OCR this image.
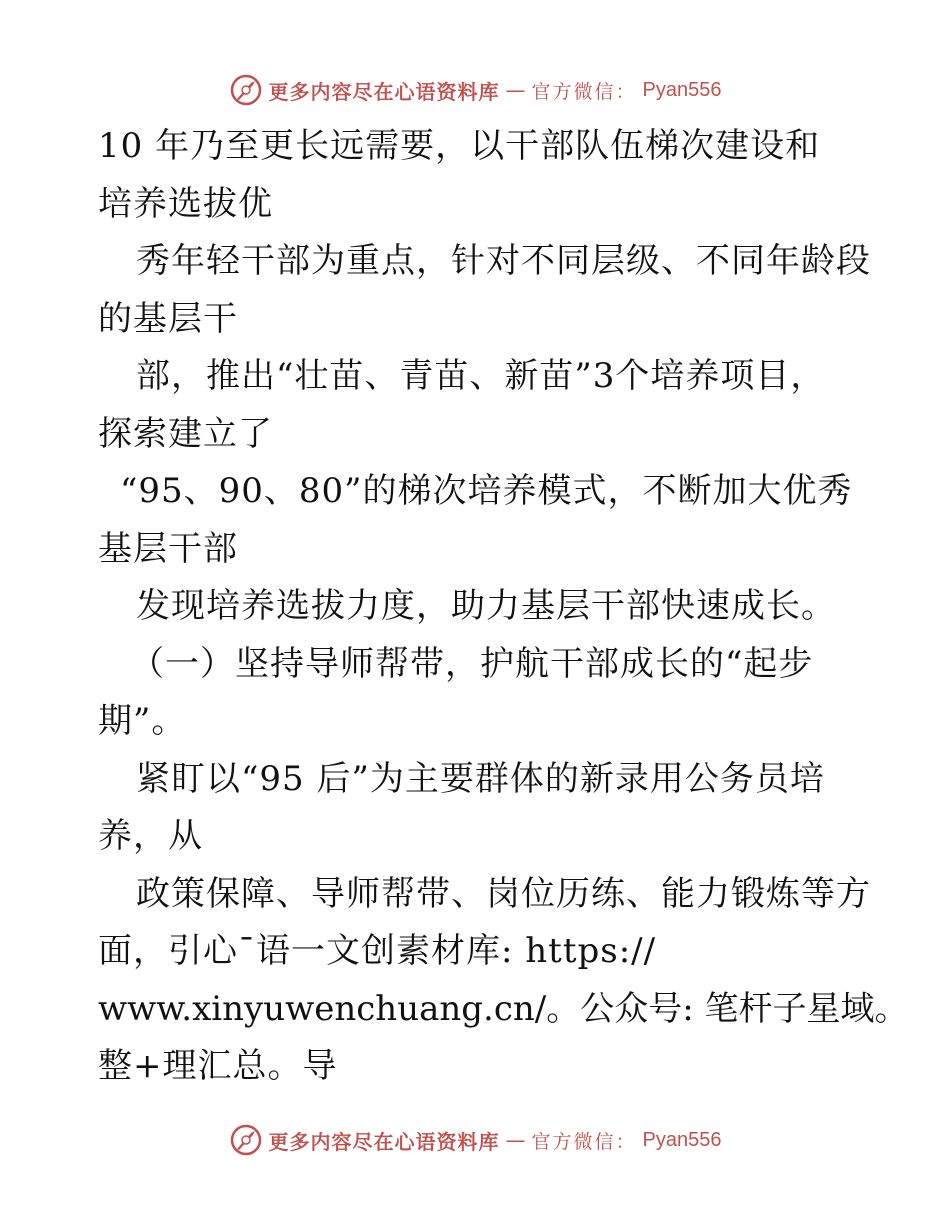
更多内容尽在心语资料库 — 官方微信： Pyan556
10 年乃至更长远需要，以干部队伍梯次建设和
培养选拔优
秀年轻干部为重点，针对不同层级、不同年龄段
的基层干
部，推出“壮苗、青苗、新苗”3个培养项目，
探索建立了
“95、90、80”的梯次培养模式，不断加大优秀
基层干部
发现培养选拔力度，助力基层干部快速成长。
（一）坚持导师帮带，护航干部成长的“起步
期”。
紧盯以“95 后”为主要群体的新录用公务员培
养，从
政策保障、导师帮带、岗位历练、能力锻炼等方
面，引心¯语一文创素材库: https://
www.xinyuwenchuang.cn/。公众号: 笔杆子星域。
整+理汇总。导
更多内容尽在心语资料库 — 官方微信： Pyan556
